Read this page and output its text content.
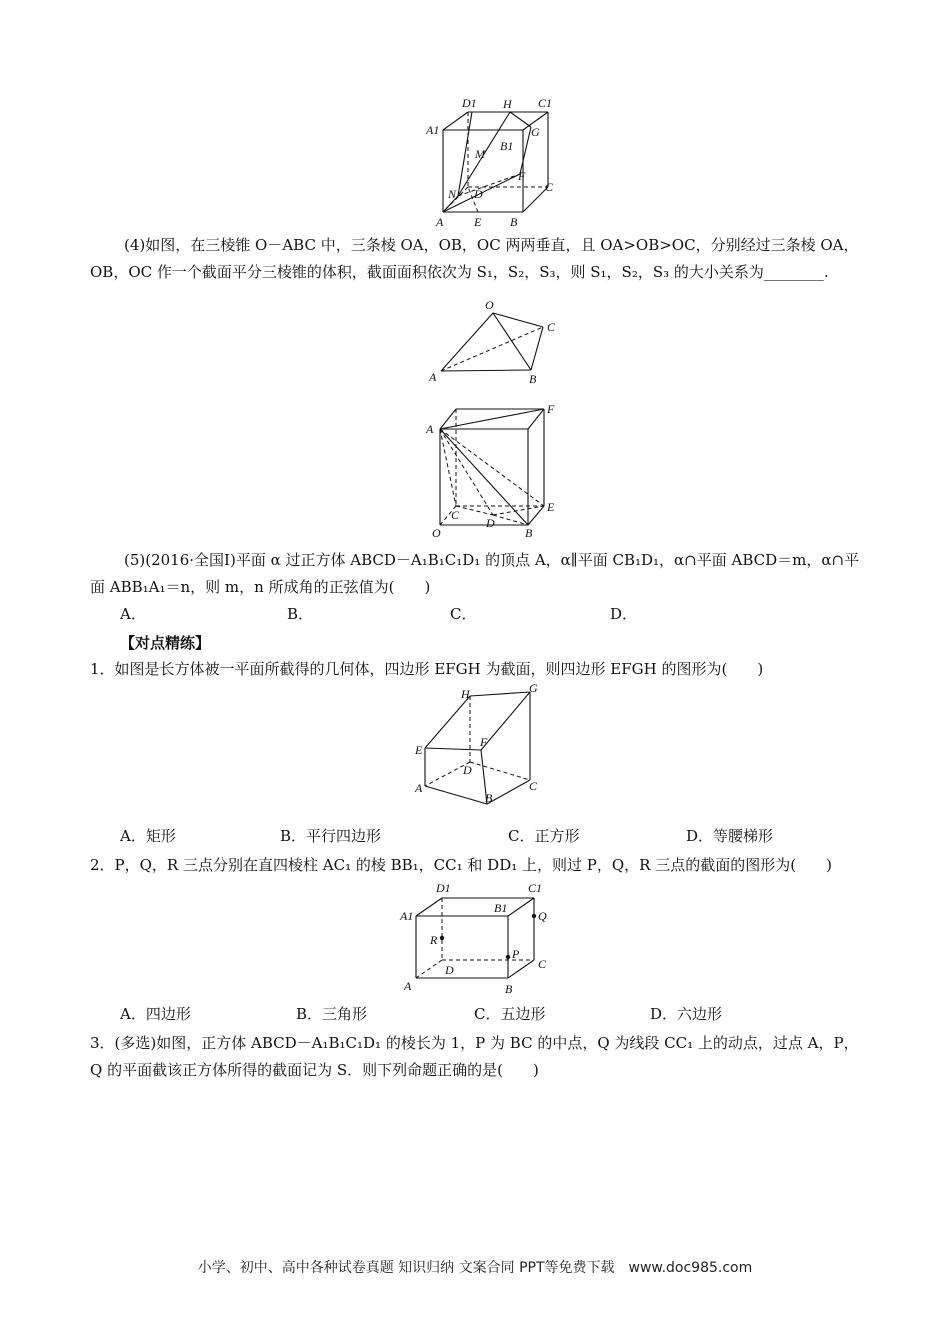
D1 H C1
A1	G
M
B1
N D
F
C
A	E B
(4)如图，在三棱锥 O－ABC 中，三条棱 OA，OB，OC 两两垂直，且 OA>OB>OC，分别经过三条棱 OA，OB，OC 作一个截面平分三棱锥的体积，截面面积依次为 S₁，S₂，S₃，则 S₁，S₂，S₃ 的大小关系为________.
O
C
A	B
A
F
E
C
D
O	B
(5)(2016·全国Ⅰ)平面 α 过正方体 ABCD－A₁B₁C₁D₁ 的顶点 A，α∥平面 CB₁D₁，α∩平面 ABCD＝m，α∩平面 ABB₁A₁＝n，则 m，n 所成角的正弦值为(　　)
A．	B．	C．	D．
【对点精练】
1．如图是长方体被一平面所截得的几何体，四边形 EFGH 为截面，则四边形 EFGH 的图形为(　　)
H	G
E
F
D
A	C
B
A．矩形	B．平行四边形	C．正方形	D．等腰梯形
2．P，Q，R 三点分别在直四棱柱 AC₁ 的棱 BB₁，CC₁ 和 DD₁ 上，则过 P，Q，R 三点的截面的图形为(　　)
D1	C1
A1
B1
Q
R
P
D	C
A	B
A．四边形	B．三角形	C．五边形	D．六边形
3．(多选)如图，正方体 ABCD－A₁B₁C₁D₁ 的棱长为 1，P 为 BC 的中点，Q 为线段 CC₁ 上的动点，过点 A，P，Q 的平面截该正方体所得的截面记为 S．则下列命题正确的是(　　)
小学、初中、高中各种试卷真题 知识归纳 文案合同 PPT等免费下载　www.doc985.com
